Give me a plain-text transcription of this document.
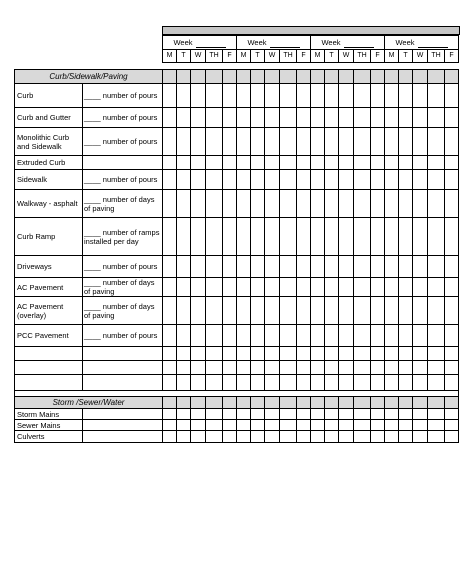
Week					Week					Week					Week				
M	T	W	TH	F	M	T	W	TH	F	M	T	W	TH	F	M	T	W	TH	F
Curb/Sidewalk/Paving																					
Curb	____ number of pours																				
Curb and Gutter	____ number of pours																				
Monolithic Curb and Sidewalk	____ number of pours																				
Extruded Curb																					
Sidewalk	____ number of pours																				
Walkway - asphalt	____ number of days of paving																				
Curb Ramp	____ number of ramps installed per day																				
Driveways	____ number of pours																				
AC Pavement	____ number of days of paving																				
AC Pavement (overlay)	____ number of days of paving																				
PCC Pavement	____ number of pours																				

Storm /Sewer/Water																					
Storm Mains																					
Sewer Mains																					
Culverts																					
